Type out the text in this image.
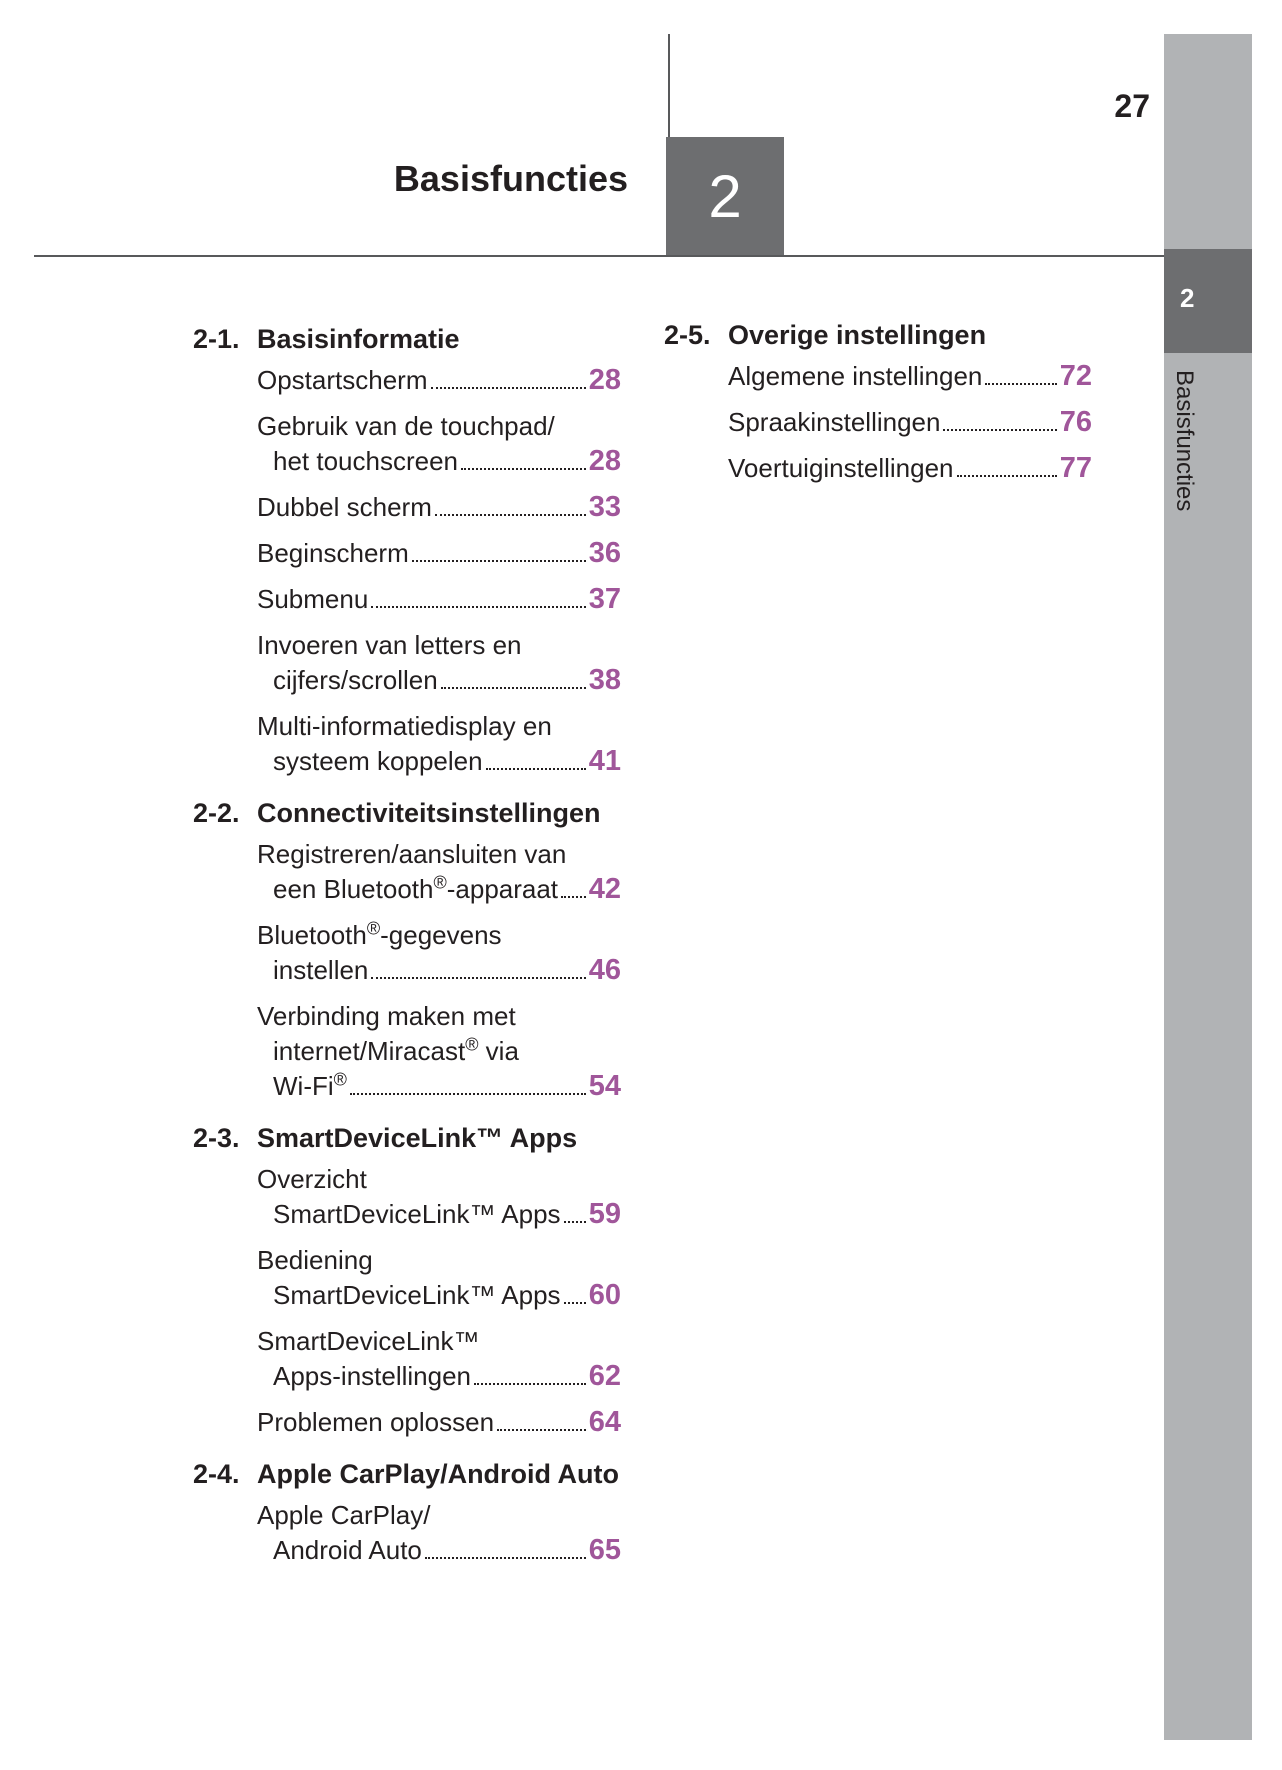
Basisfuncties 2
27
2
Basisfuncties
2-1. Basisinformatie
Opstartscherm	28
Gebruik van de touchpad/
het touchscreen	28
Dubbel scherm	33
Beginscherm	36
Submenu	37
Invoeren van letters en
cijfers/scrollen	38
Multi-informatiedisplay en
systeem koppelen	41
2-2. Connectiviteitsinstellingen
Registreren/aansluiten van
een Bluetooth®-apparaat 42
Bluetooth®-gegevens
instellen	46
Verbinding maken met
internet/Miracast® via
Wi-Fi®	54
2-3. SmartDeviceLink™ Apps
Overzicht
SmartDeviceLink™ Apps 59
Bediening
SmartDeviceLink™ Apps 60
SmartDeviceLink™
Apps-instellingen	62
Problemen oplossen	64
2-4. Apple CarPlay/Android Auto
Apple CarPlay/
Android Auto	65
2-5. Overige instellingen
Algemene instellingen	72
Spraakinstellingen	76
Voertuiginstellingen	77
